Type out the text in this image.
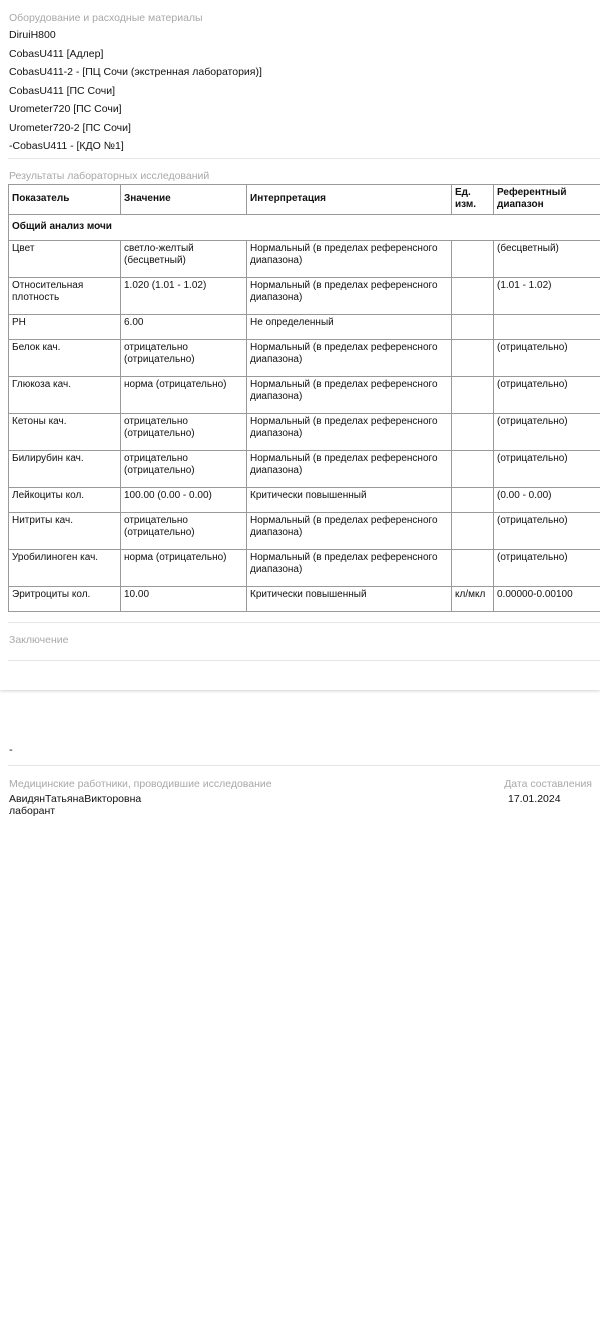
Оборудование и расходные материалы
DiruiH800
CobasU411 [Адлер]
CobasU411-2 - [ПЦ Сочи (экстренная лаборатория)]
CobasU411 [ПС Сочи]
Urometer720 [ПС Сочи]
Urometer720-2 [ПС Сочи]
-CobasU411 - [КДО №1]
Результаты лабораторных исследований
Показатель	Значение	Интерпретация	Ед. изм.	Референтный диапазон
Общий анализ мочи				
Цвет	светло-желтый (бесцветный)	Нормальный (в пределах референсного диапазона)		(бесцветный)
Относительная плотность	1.020 (1.01 - 1.02)	Нормальный (в пределах референсного диапазона)		(1.01 - 1.02)
PH	6.00	Не определенный		
Белок кач.	отрицательно (отрицательно)	Нормальный (в пределах референсного диапазона)		(отрицательно)
Глюкоза кач.	норма (отрицательно)	Нормальный (в пределах референсного диапазона)		(отрицательно)
Кетоны кач.	отрицательно (отрицательно)	Нормальный (в пределах референсного диапазона)		(отрицательно)
Билирубин кач.	отрицательно (отрицательно)	Нормальный (в пределах референсного диапазона)		(отрицательно)
Лейкоциты кол.	100.00 (0.00 - 0.00)	Критически повышенный		(0.00 - 0.00)
Нитриты кач.	отрицательно (отрицательно)	Нормальный (в пределах референсного диапазона)		(отрицательно)
Уробилиноген кач.	норма (отрицательно)	Нормальный (в пределах референсного диапазона)		(отрицательно)
Эритроциты кол.	10.00	Критически повышенный	кл/мкл	0.00000-0.00100
Заключение
-
Медицинские работники, проводившие исследование	Дата составления
АвидянТатьянаВикторовна
лаборант
17.01.2024
